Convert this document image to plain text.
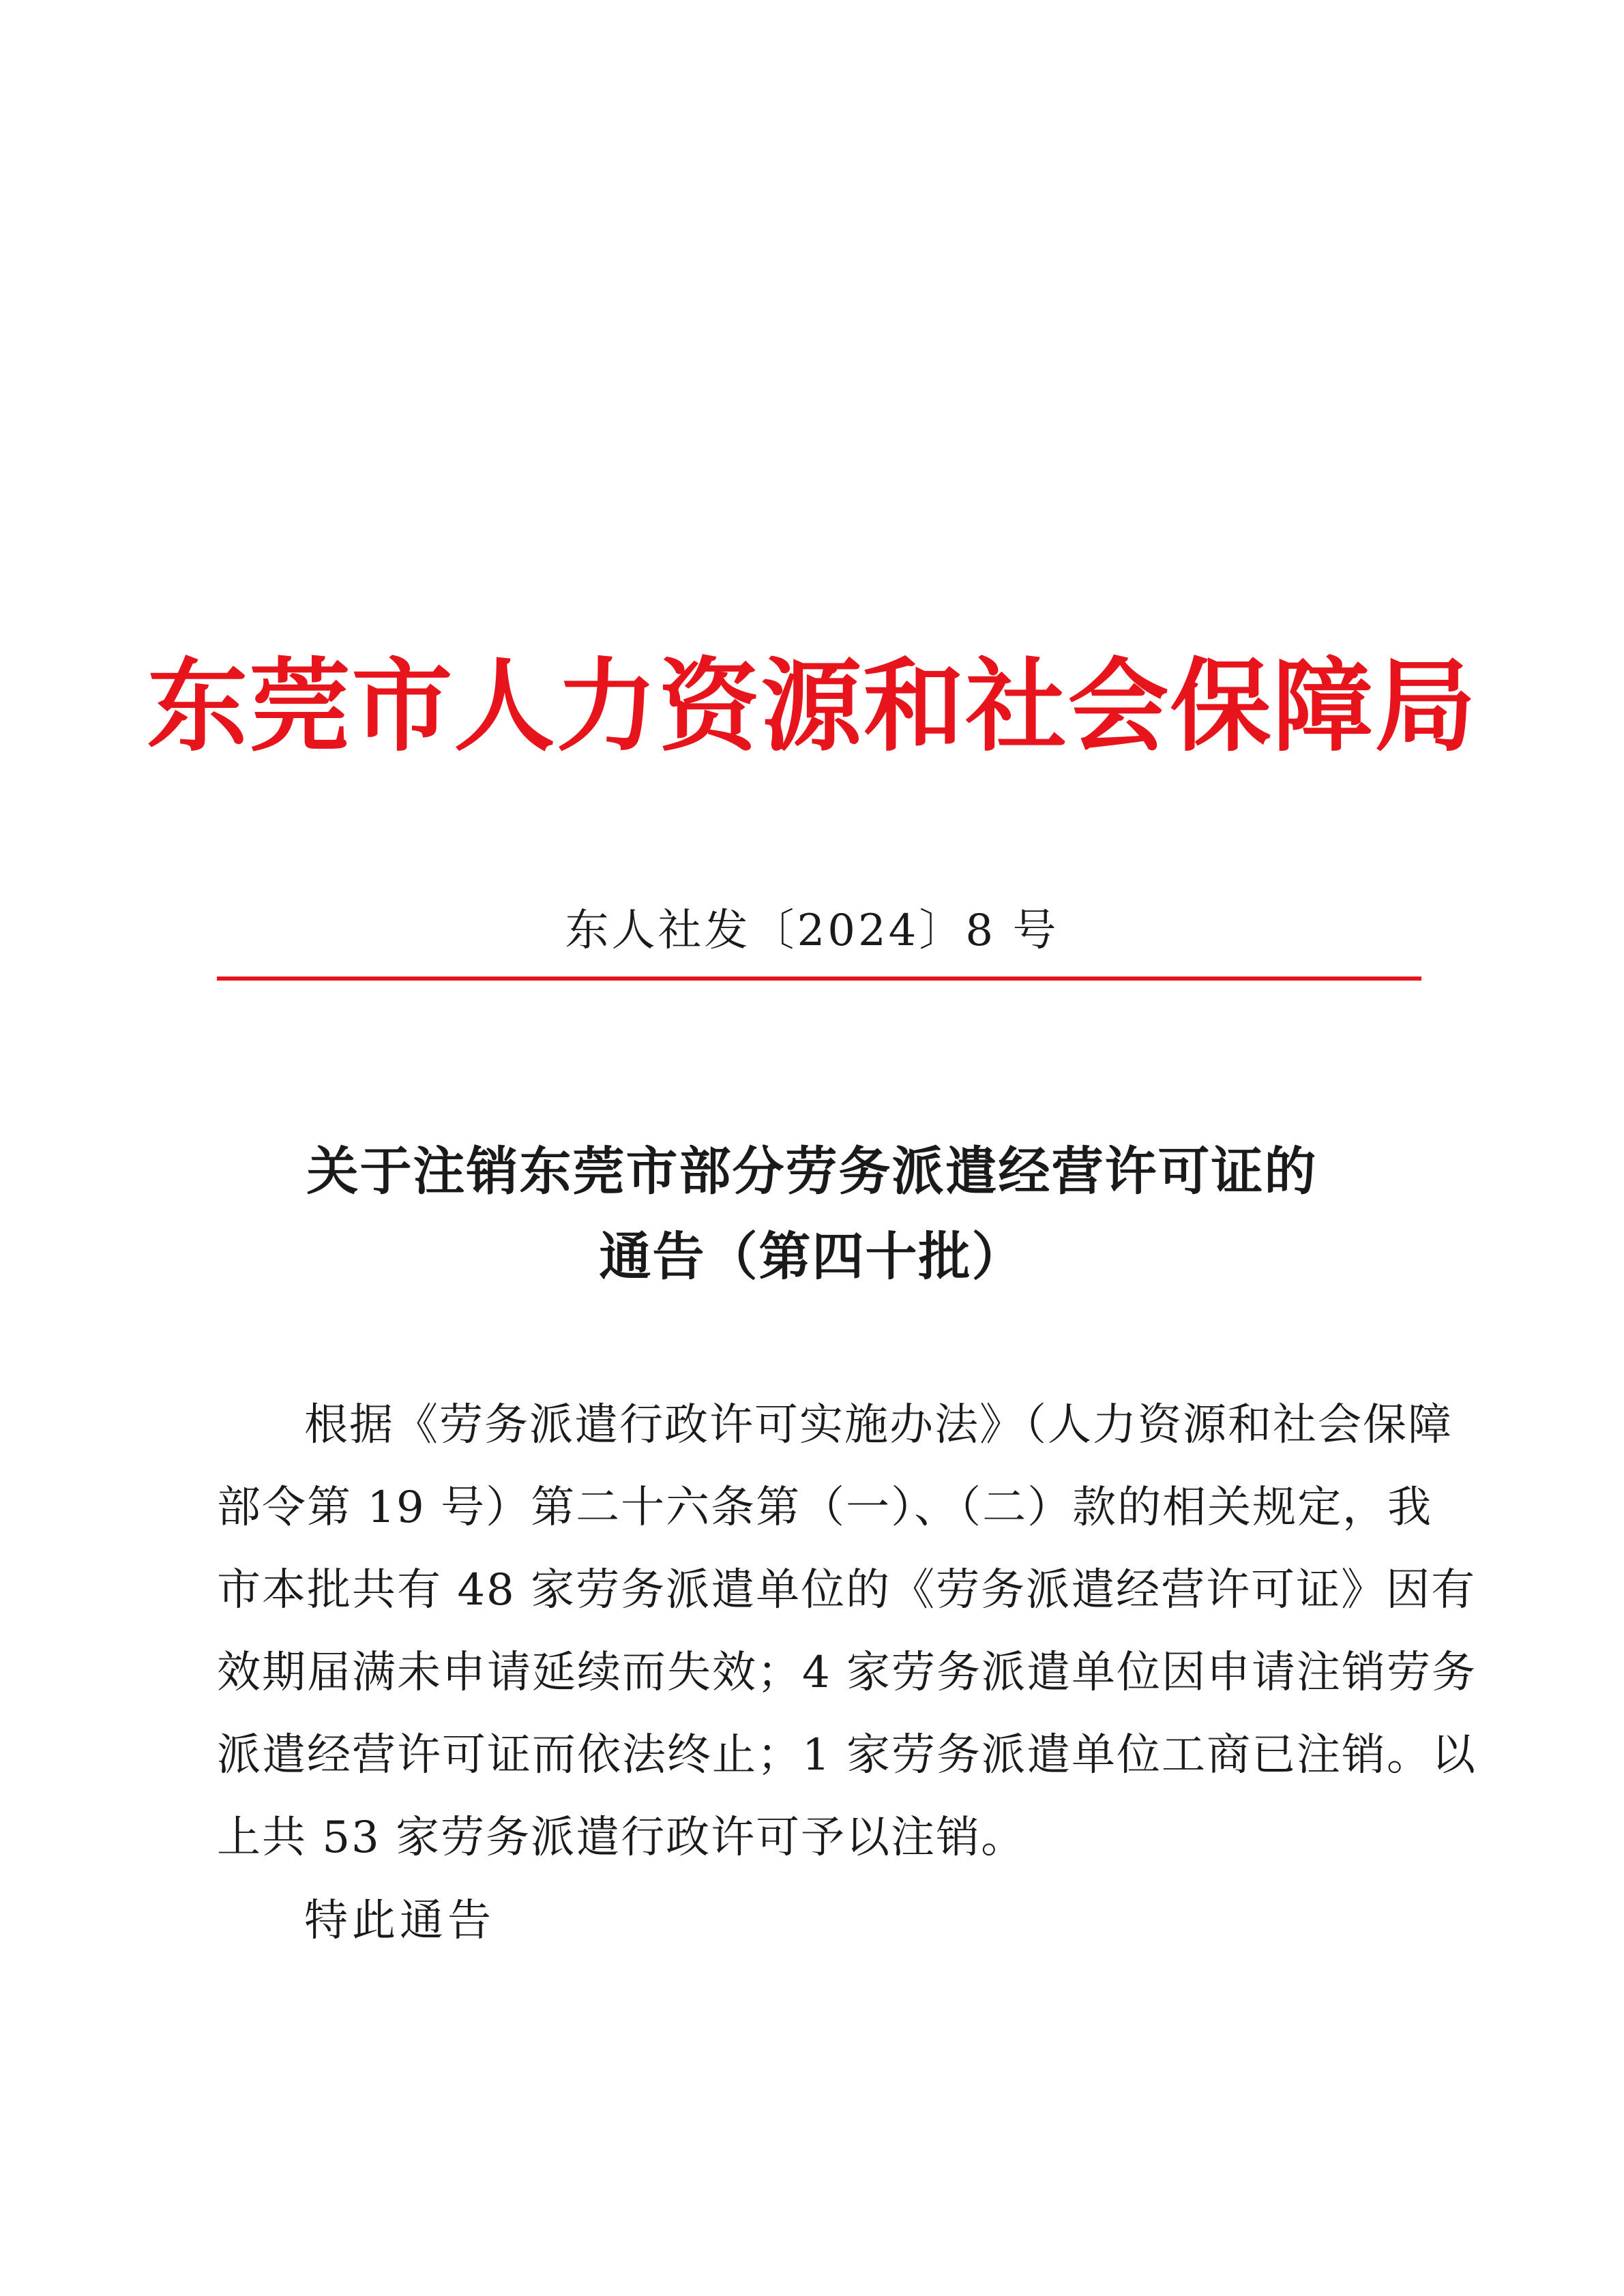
东莞市人力资源和社会保障局
东人社发〔2024〕8 号
关于注销东莞市部分劳务派遣经营许可证的
通告（第四十批）
根据《劳务派遣行政许可实施办法》（人力资源和社会保障
部令第 19 号）第二十六条第（一）、（二）款的相关规定，我
市本批共有 48 家劳务派遣单位的《劳务派遣经营许可证》因有
效期届满未申请延续而失效；4 家劳务派遣单位因申请注销劳务
派遣经营许可证而依法终止；1 家劳务派遣单位工商已注销。以
上共 53 家劳务派遣行政许可予以注销。
特此通告
